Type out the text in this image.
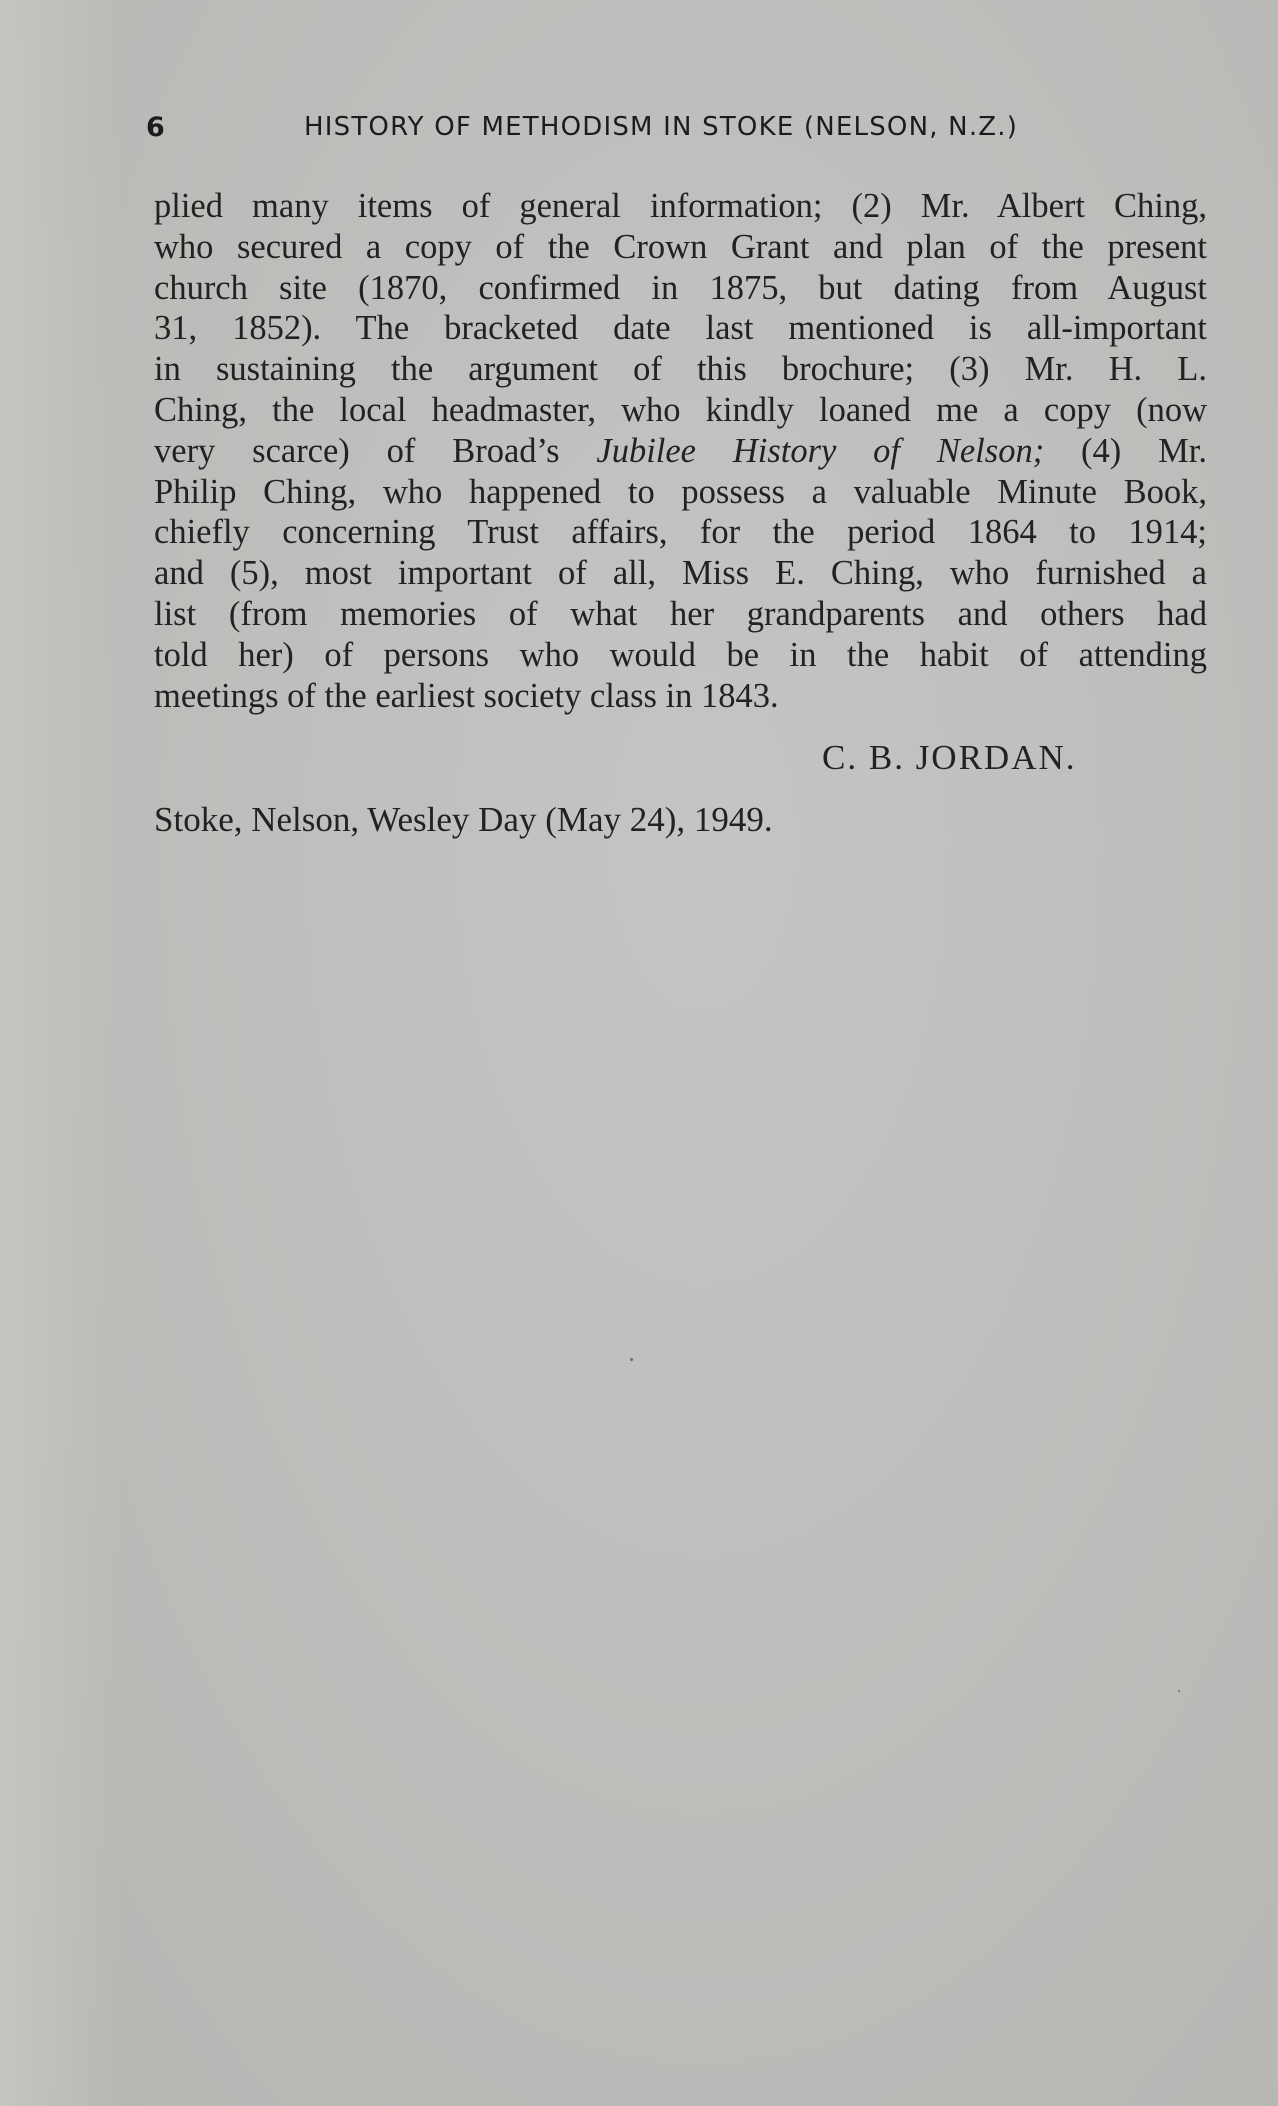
6	HISTORY OF METHODISM IN STOKE (NELSON, N.Z.)
plied many items of general information; (2) Mr. Albert Ching,
who secured a copy of the Crown Grant and plan of the present
church site (1870, confirmed in 1875, but dating from August
31, 1852). The bracketed date last mentioned is all-important
in sustaining the argument of this brochure; (3) Mr. H. L.
Ching, the local headmaster, who kindly loaned me a copy (now
very scarce) of Broad’s Jubilee History of Nelson; (4) Mr.
Philip Ching, who happened to possess a valuable Minute Book,
chiefly concerning Trust affairs, for the period 1864 to 1914;
and (5), most important of all, Miss E. Ching, who furnished a
list (from memories of what her grandparents and others had
told her) of persons who would be in the habit of attending
meetings of the earliest society class in 1843.
C. B. JORDAN.
Stoke, Nelson, Wesley Day (May 24), 1949.
